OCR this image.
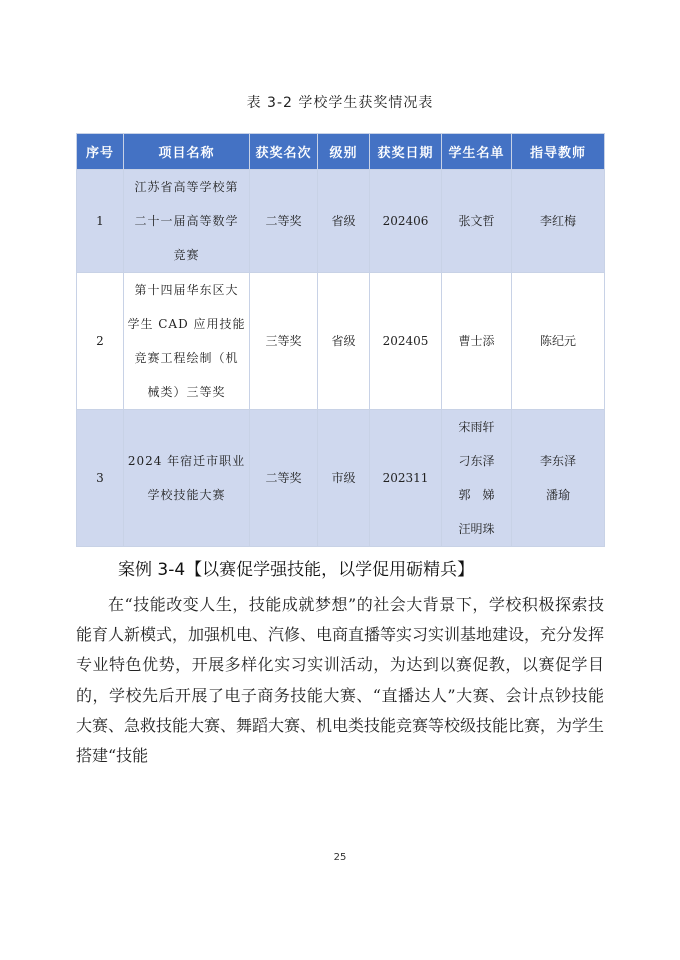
表 3-2 学校学生获奖情况表
序号	项目名称	获奖名次	级别	获奖日期	学生名单	指导教师
1	江苏省高等学校第
二十一届高等数学
竞赛	二等奖	省级	202406	张文哲	李红梅

2	第十四届华东区大
学生 CAD 应用技能
竞赛工程绘制（机
械类）三等奖	三等奖	省级	202405	曹士添	陈纪元

3	2024 年宿迁市职业
学校技能大赛	二等奖	市级	202311	宋雨轩
刁东泽
郭　娣
汪明珠	李东泽
潘瑜
案例 3-4【以赛促学强技能，以学促用砺精兵】
在“技能改变人生，技能成就梦想”的社会大背景下，学校积极探索技能育人新模式，加强机电、汽修、电商直播等实习实训基地建设，充分发挥专业特色优势，开展多样化实习实训活动，为达到以赛促教，以赛促学目的，学校先后开展了电子商务技能大赛、“直播达人”大赛、会计点钞技能大赛、急救技能大赛、舞蹈大赛、机电类技能竞赛等校级技能比赛，为学生搭建“技能
25
